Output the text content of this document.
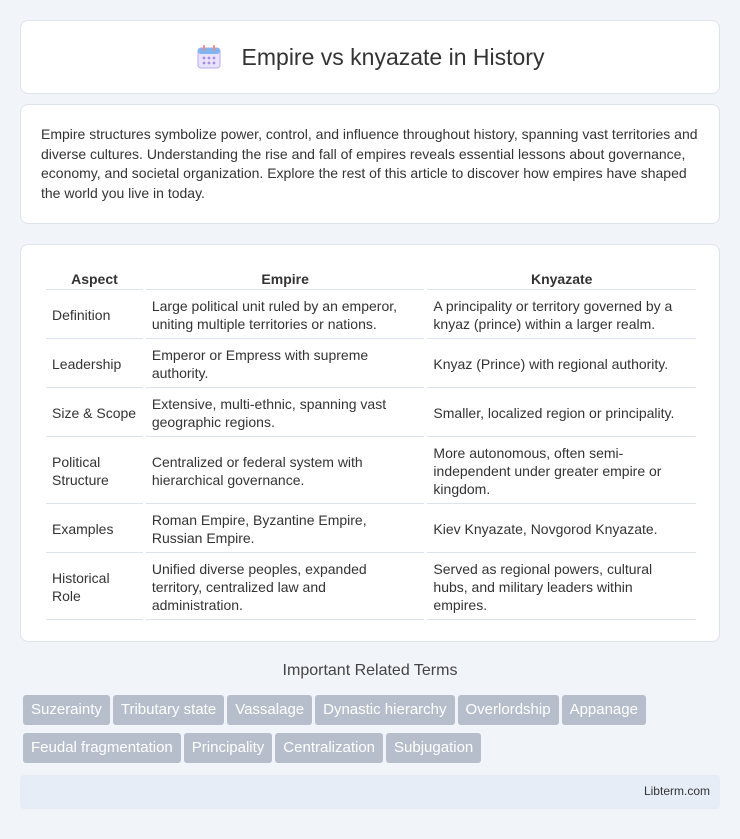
Empire vs knyazate in History

Empire structures symbolize power, control, and influence throughout history, spanning vast territories and diverse cultures. Understanding the rise and fall of empires reveals essential lessons about governance, economy, and societal organization. Explore the rest of this article to discover how empires have shaped the world you live in today.

Aspect	Empire	Knyazate
Definition	Large political unit ruled by an emperor, uniting multiple territories or nations.	A principality or territory governed by a knyaz (prince) within a larger realm.
Leadership	Emperor or Empress with supreme authority.	Knyaz (Prince) with regional authority.
Size & Scope	Extensive, multi-ethnic, spanning vast geographic regions.	Smaller, localized region or principality.
Political Structure	Centralized or federal system with hierarchical governance.	More autonomous, often semi-independent under greater empire or kingdom.
Examples	Roman Empire, Byzantine Empire, Russian Empire.	Kiev Knyazate, Novgorod Knyazate.
Historical Role	Unified diverse peoples, expanded territory, centralized law and administration.	Served as regional powers, cultural hubs, and military leaders within empires.
Important Related Terms
Suzerainty Tributary state Vassalage Dynastic hierarchy Overlordship Appanage
Feudal fragmentation Principality Centralization Subjugation
Libterm.com
